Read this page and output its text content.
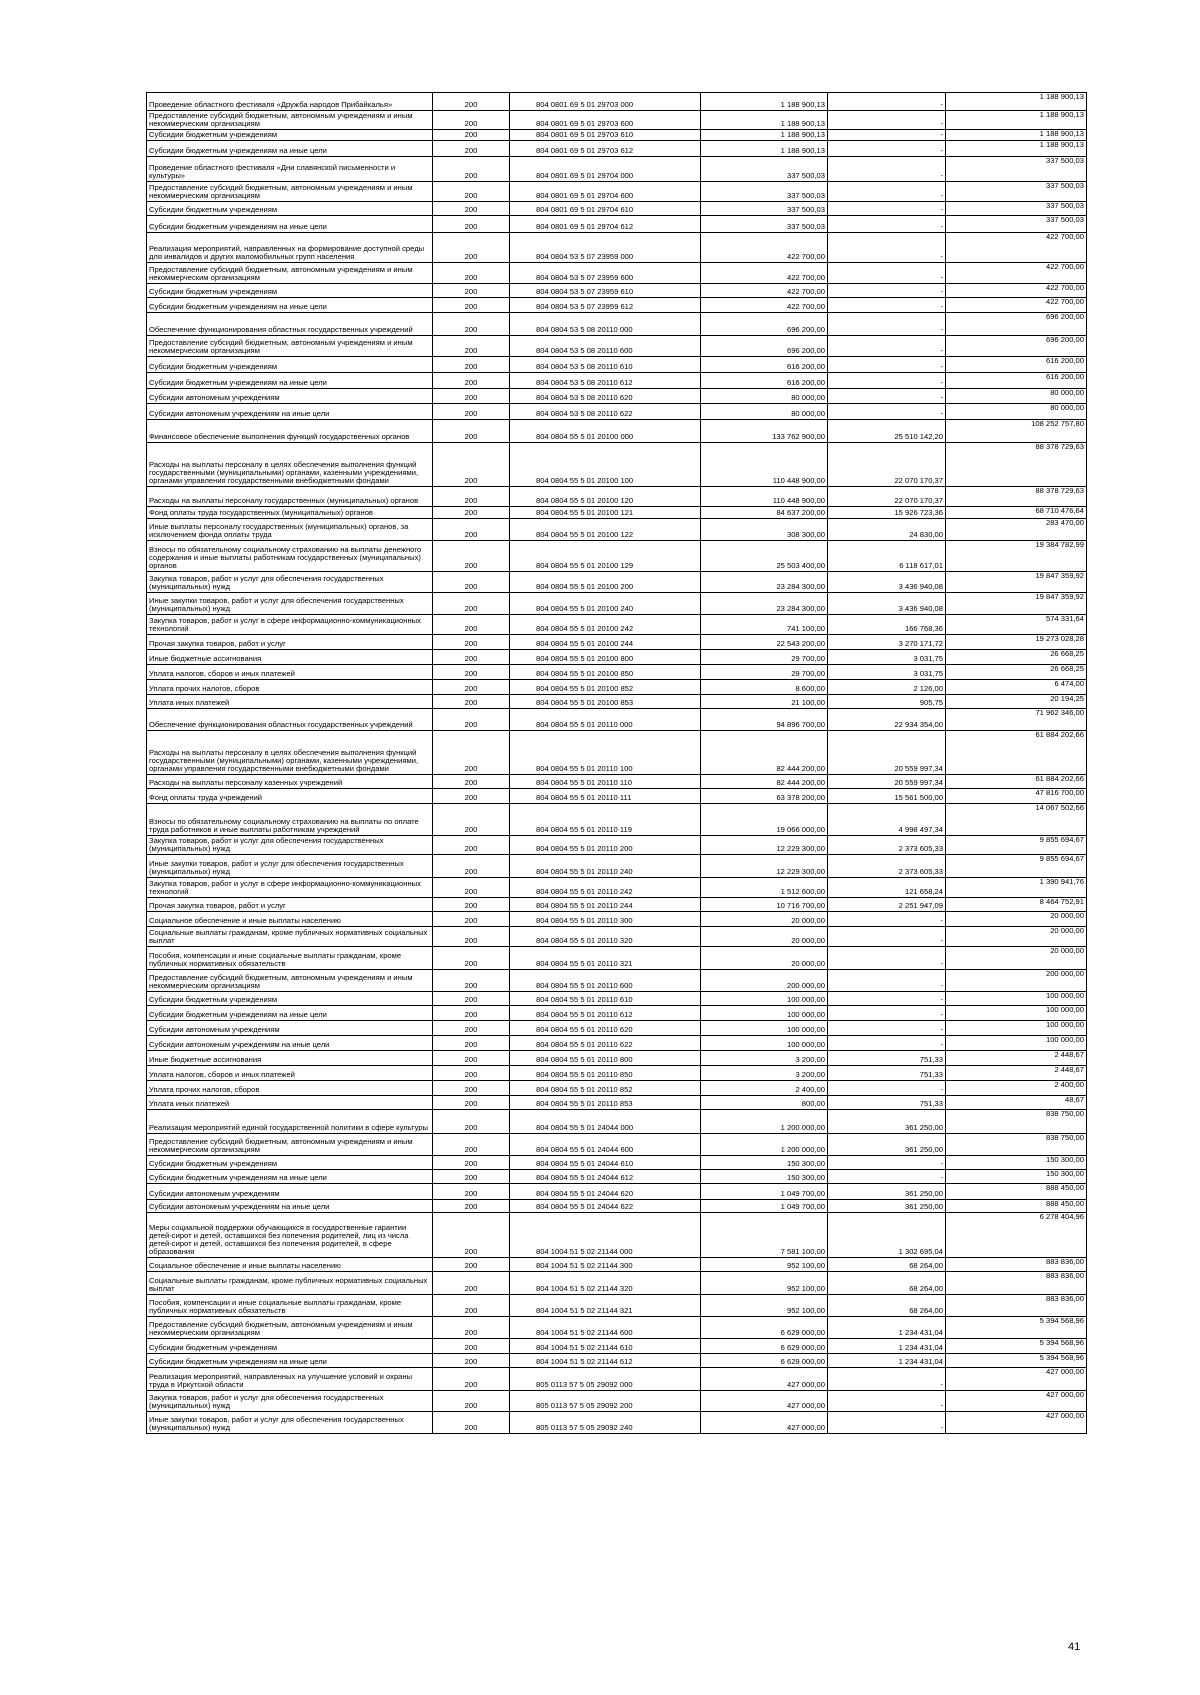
Проведение областного фестиваля «Дружба народов Прибайкалья»	200	804 0801 69 5 01 29703 000	1 188 900,13	-	1 188 900,13
Предоставление субсидий бюджетным, автономным учреждениям и иным некоммерческим организациям	200	804 0801 69 5 01 29703 600	1 188 900,13	-	1 188 900,13
Субсидии бюджетным учреждениям	200	804 0801 69 5 01 29703 610	1 188 900,13	-	1 188 900,13
Субсидии бюджетным учреждениям на иные цели	200	804 0801 69 5 01 29703 612	1 188 900,13	-	1 188 900,13
Проведение областного фестиваля «Дни славянской письменности и культуры»	200	804 0801 69 5 01 29704 000	337 500,03	-	337 500,03
Предоставление субсидий бюджетным, автономным учреждениям и иным некоммерческим организациям	200	804 0801 69 5 01 29704 600	337 500,03	-	337 500,03
Субсидии бюджетным учреждениям	200	804 0801 69 5 01 29704 610	337 500,03	-	337 500,03
Субсидии бюджетным учреждениям на иные цели	200	804 0801 69 5 01 29704 612	337 500,03	-	337 500,03
Реализация мероприятий, направленных на формирование доступной среды для инвалидов и других маломобильных групп населения	200	804 0804 53 5 07 23959 000	422 700,00	-	422 700,00
Предоставление субсидий бюджетным, автономным учреждениям и иным некоммерческим организациям	200	804 0804 53 5 07 23959 600	422 700,00	-	422 700,00
Субсидии бюджетным учреждениям	200	804 0804 53 5 07 23959 610	422 700,00	-	422 700,00
Субсидии бюджетным учреждениям на иные цели	200	804 0804 53 5 07 23959 612	422 700,00	-	422 700,00
Обеспечение функционирования областных государственных учреждений	200	804 0804 53 5 08 20110 000	696 200,00	-	696 200,00
Предоставление субсидий бюджетным, автономным учреждениям и иным некоммерческим организациям	200	804 0804 53 5 08 20110 600	696 200,00	-	696 200,00
Субсидии бюджетным учреждениям	200	804 0804 53 5 08 20110 610	616 200,00	-	616 200,00
Субсидии бюджетным учреждениям на иные цели	200	804 0804 53 5 08 20110 612	616 200,00	-	616 200,00
Субсидии автономным учреждениям	200	804 0804 53 5 08 20110 620	80 000,00	-	80 000,00
Субсидии автономным учреждениям на иные цели	200	804 0804 53 5 08 20110 622	80 000,00	-	80 000,00
Финансовое обеспечение выполнения функций государственных органов	200	804 0804 55 5 01 20100 000	133 762 900,00	25 510 142,20	108 252 757,80
Расходы на выплаты персоналу в целях обеспечения выполнения функций государственными (муниципальными) органами, казенными учреждениями, органами управления государственными внебюджетными фондами	200	804 0804 55 5 01 20100 100	110 448 900,00	22 070 170,37	88 378 729,63
Расходы на выплаты персоналу государственных (муниципальных) органов	200	804 0804 55 5 01 20100 120	110 448 900,00	22 070 170,37	88 378 729,63
Фонд оплаты труда государственных (муниципальных) органов	200	804 0804 55 5 01 20100 121	84 637 200,00	15 926 723,36	68 710 476,64
Иные выплаты персоналу государственных (муниципальных) органов, за исключением фонда оплаты труда	200	804 0804 55 5 01 20100 122	308 300,00	24 830,00	283 470,00
Взносы по обязательному социальному страхованию на выплаты денежного содержания и иные выплаты работникам государственных (муниципальных) органов	200	804 0804 55 5 01 20100 129	25 503 400,00	6 118 617,01	19 384 782,99
Закупка товаров, работ и услуг для обеспечения государственных (муниципальных) нужд	200	804 0804 55 5 01 20100 200	23 284 300,00	3 436 940,08	19 847 359,92
Иные закупки товаров, работ и услуг для обеспечения государственных (муниципальных) нужд	200	804 0804 55 5 01 20100 240	23 284 300,00	3 436 940,08	19 847 359,92
Закупка товаров, работ и услуг в сфере информационно-коммуникационных технологий	200	804 0804 55 5 01 20100 242	741 100,00	166 768,36	574 331,64
Прочая закупка товаров, работ и услуг	200	804 0804 55 5 01 20100 244	22 543 200,00	3 270 171,72	19 273 028,28
Иные бюджетные ассигнования	200	804 0804 55 5 01 20100 800	29 700,00	3 031,75	26 668,25
Уплата налогов, сборов и иных платежей	200	804 0804 55 5 01 20100 850	29 700,00	3 031,75	26 668,25
Уплата прочих налогов, сборов	200	804 0804 55 5 01 20100 852	8 600,00	2 126,00	6 474,00
Уплата иных платежей	200	804 0804 55 5 01 20100 853	21 100,00	905,75	20 194,25
Обеспечение функционирования областных государственных учреждений	200	804 0804 55 5 01 20110 000	94 896 700,00	22 934 354,00	71 962 346,00
Расходы на выплаты персоналу в целях обеспечения выполнения функций государственными (муниципальными) органами, казенными учреждениями, органами управления государственными внебюджетными фондами	200	804 0804 55 5 01 20110 100	82 444 200,00	20 559 997,34	61 884 202,66
Расходы на выплаты персоналу казенных учреждений	200	804 0804 55 5 01 20110 110	82 444 200,00	20 559 997,34	61 884 202,66
Фонд оплаты труда учреждений	200	804 0804 55 5 01 20110 111	63 378 200,00	15 561 500,00	47 816 700,00
Взносы по обязательному социальному страхованию на выплаты по оплате труда работников и иные выплаты работникам учреждений	200	804 0804 55 5 01 20110 119	19 066 000,00	4 998 497,34	14 067 502,66
Закупка товаров, работ и услуг для обеспечения государственных (муниципальных) нужд	200	804 0804 55 5 01 20110 200	12 229 300,00	2 373 605,33	9 855 694,67
Иные закупки товаров, работ и услуг для обеспечения государственных (муниципальных) нужд	200	804 0804 55 5 01 20110 240	12 229 300,00	2 373 605,33	9 855 694,67
Закупка товаров, работ и услуг в сфере информационно-коммуникационных технологий	200	804 0804 55 5 01 20110 242	1 512 600,00	121 658,24	1 390 941,76
Прочая закупка товаров, работ и услуг	200	804 0804 55 5 01 20110 244	10 716 700,00	2 251 947,09	8 464 752,91
Социальное обеспечение и иные выплаты населению	200	804 0804 55 5 01 20110 300	20 000,00	-	20 000,00
Социальные выплаты гражданам, кроме публичных нормативных социальных выплат	200	804 0804 55 5 01 20110 320	20 000,00	-	20 000,00
Пособия, компенсации и иные социальные выплаты гражданам, кроме публичных нормативных обязательств	200	804 0804 55 5 01 20110 321	20 000,00	-	20 000,00
Предоставление субсидий бюджетным, автономным учреждениям и иным некоммерческим организациям	200	804 0804 55 5 01 20110 600	200 000,00	-	200 000,00
Субсидии бюджетным учреждениям	200	804 0804 55 5 01 20110 610	100 000,00	-	100 000,00
Субсидии бюджетным учреждениям на иные цели	200	804 0804 55 5 01 20110 612	100 000,00	-	100 000,00
Субсидии автономным учреждениям	200	804 0804 55 5 01 20110 620	100 000,00	-	100 000,00
Субсидии автономным учреждениям на иные цели	200	804 0804 55 5 01 20110 622	100 000,00	-	100 000,00
Иные бюджетные ассигнования	200	804 0804 55 5 01 20110 800	3 200,00	751,33	2 448,67
Уплата налогов, сборов и иных платежей	200	804 0804 55 5 01 20110 850	3 200,00	751,33	2 448,67
Уплата прочих налогов, сборов	200	804 0804 55 5 01 20110 852	2 400,00	-	2 400,00
Уплата иных платежей	200	804 0804 55 5 01 20110 853	800,00	751,33	48,67
Реализация мероприятий единой государственной политики в сфере культуры	200	804 0804 55 5 01 24044 000	1 200 000,00	361 250,00	838 750,00
Предоставление субсидий бюджетным, автономным учреждениям и иным некоммерческим организациям	200	804 0804 55 5 01 24044 600	1 200 000,00	361 250,00	838 750,00
Субсидии бюджетным учреждениям	200	804 0804 55 5 01 24044 610	150 300,00	-	150 300,00
Субсидии бюджетным учреждениям на иные цели	200	804 0804 55 5 01 24044 612	150 300,00	-	150 300,00
Субсидии автономным учреждениям	200	804 0804 55 5 01 24044 620	1 049 700,00	361 250,00	888 450,00
Субсидии автономным учреждениям на иные цели	200	804 0804 55 5 01 24044 622	1 049 700,00	361 250,00	888 450,00
Меры социальной поддержки обучающихся в государственные гарантии детей-сирот и детей, оставшихся без попечения родителей, лиц из числа детей-сирот и детей, оставшихся без попечения родителей, в сфере образования	200	804 1004 51 5 02 21144 000	7 581 100,00	1 302 695,04	6 278 404,96
Социальное обеспечение и иные выплаты населению	200	804 1004 51 5 02 21144 300	952 100,00	68 264,00	883 836,00
Социальные выплаты гражданам, кроме публичных нормативных социальных выплат	200	804 1004 51 5 02 21144 320	952 100,00	68 264,00	883 836,00
Пособия, компенсации и иные социальные выплаты гражданам, кроме публичных нормативных обязательств	200	804 1004 51 5 02 21144 321	952 100,00	68 264,00	883 836,00
Предоставление субсидий бюджетным, автономным учреждениям и иным некоммерческим организациям	200	804 1004 51 5 02 21144 600	6 629 000,00	1 234 431,04	5 394 568,96
Субсидии бюджетным учреждениям	200	804 1004 51 5 02 21144 610	6 629 000,00	1 234 431,04	5 394 568,96
Субсидии бюджетным учреждениям на иные цели	200	804 1004 51 5 02 21144 612	6 629 000,00	1 234 431,04	5 394 568,96
Реализация мероприятий, направленных на улучшение условий и охраны труда в Иркутской области	200	805 0113 57 5 05 29092 000	427 000,00	-	427 000,00
Закупка товаров, работ и услуг для обеспечения государственных (муниципальных) нужд	200	805 0113 57 5 05 29092 200	427 000,00	-	427 000,00
Иные закупки товаров, работ и услуг для обеспечения государственных (муниципальных) нужд	200	805 0113 57 5 05 29092 240	427 000,00	-	427 000,00
41
